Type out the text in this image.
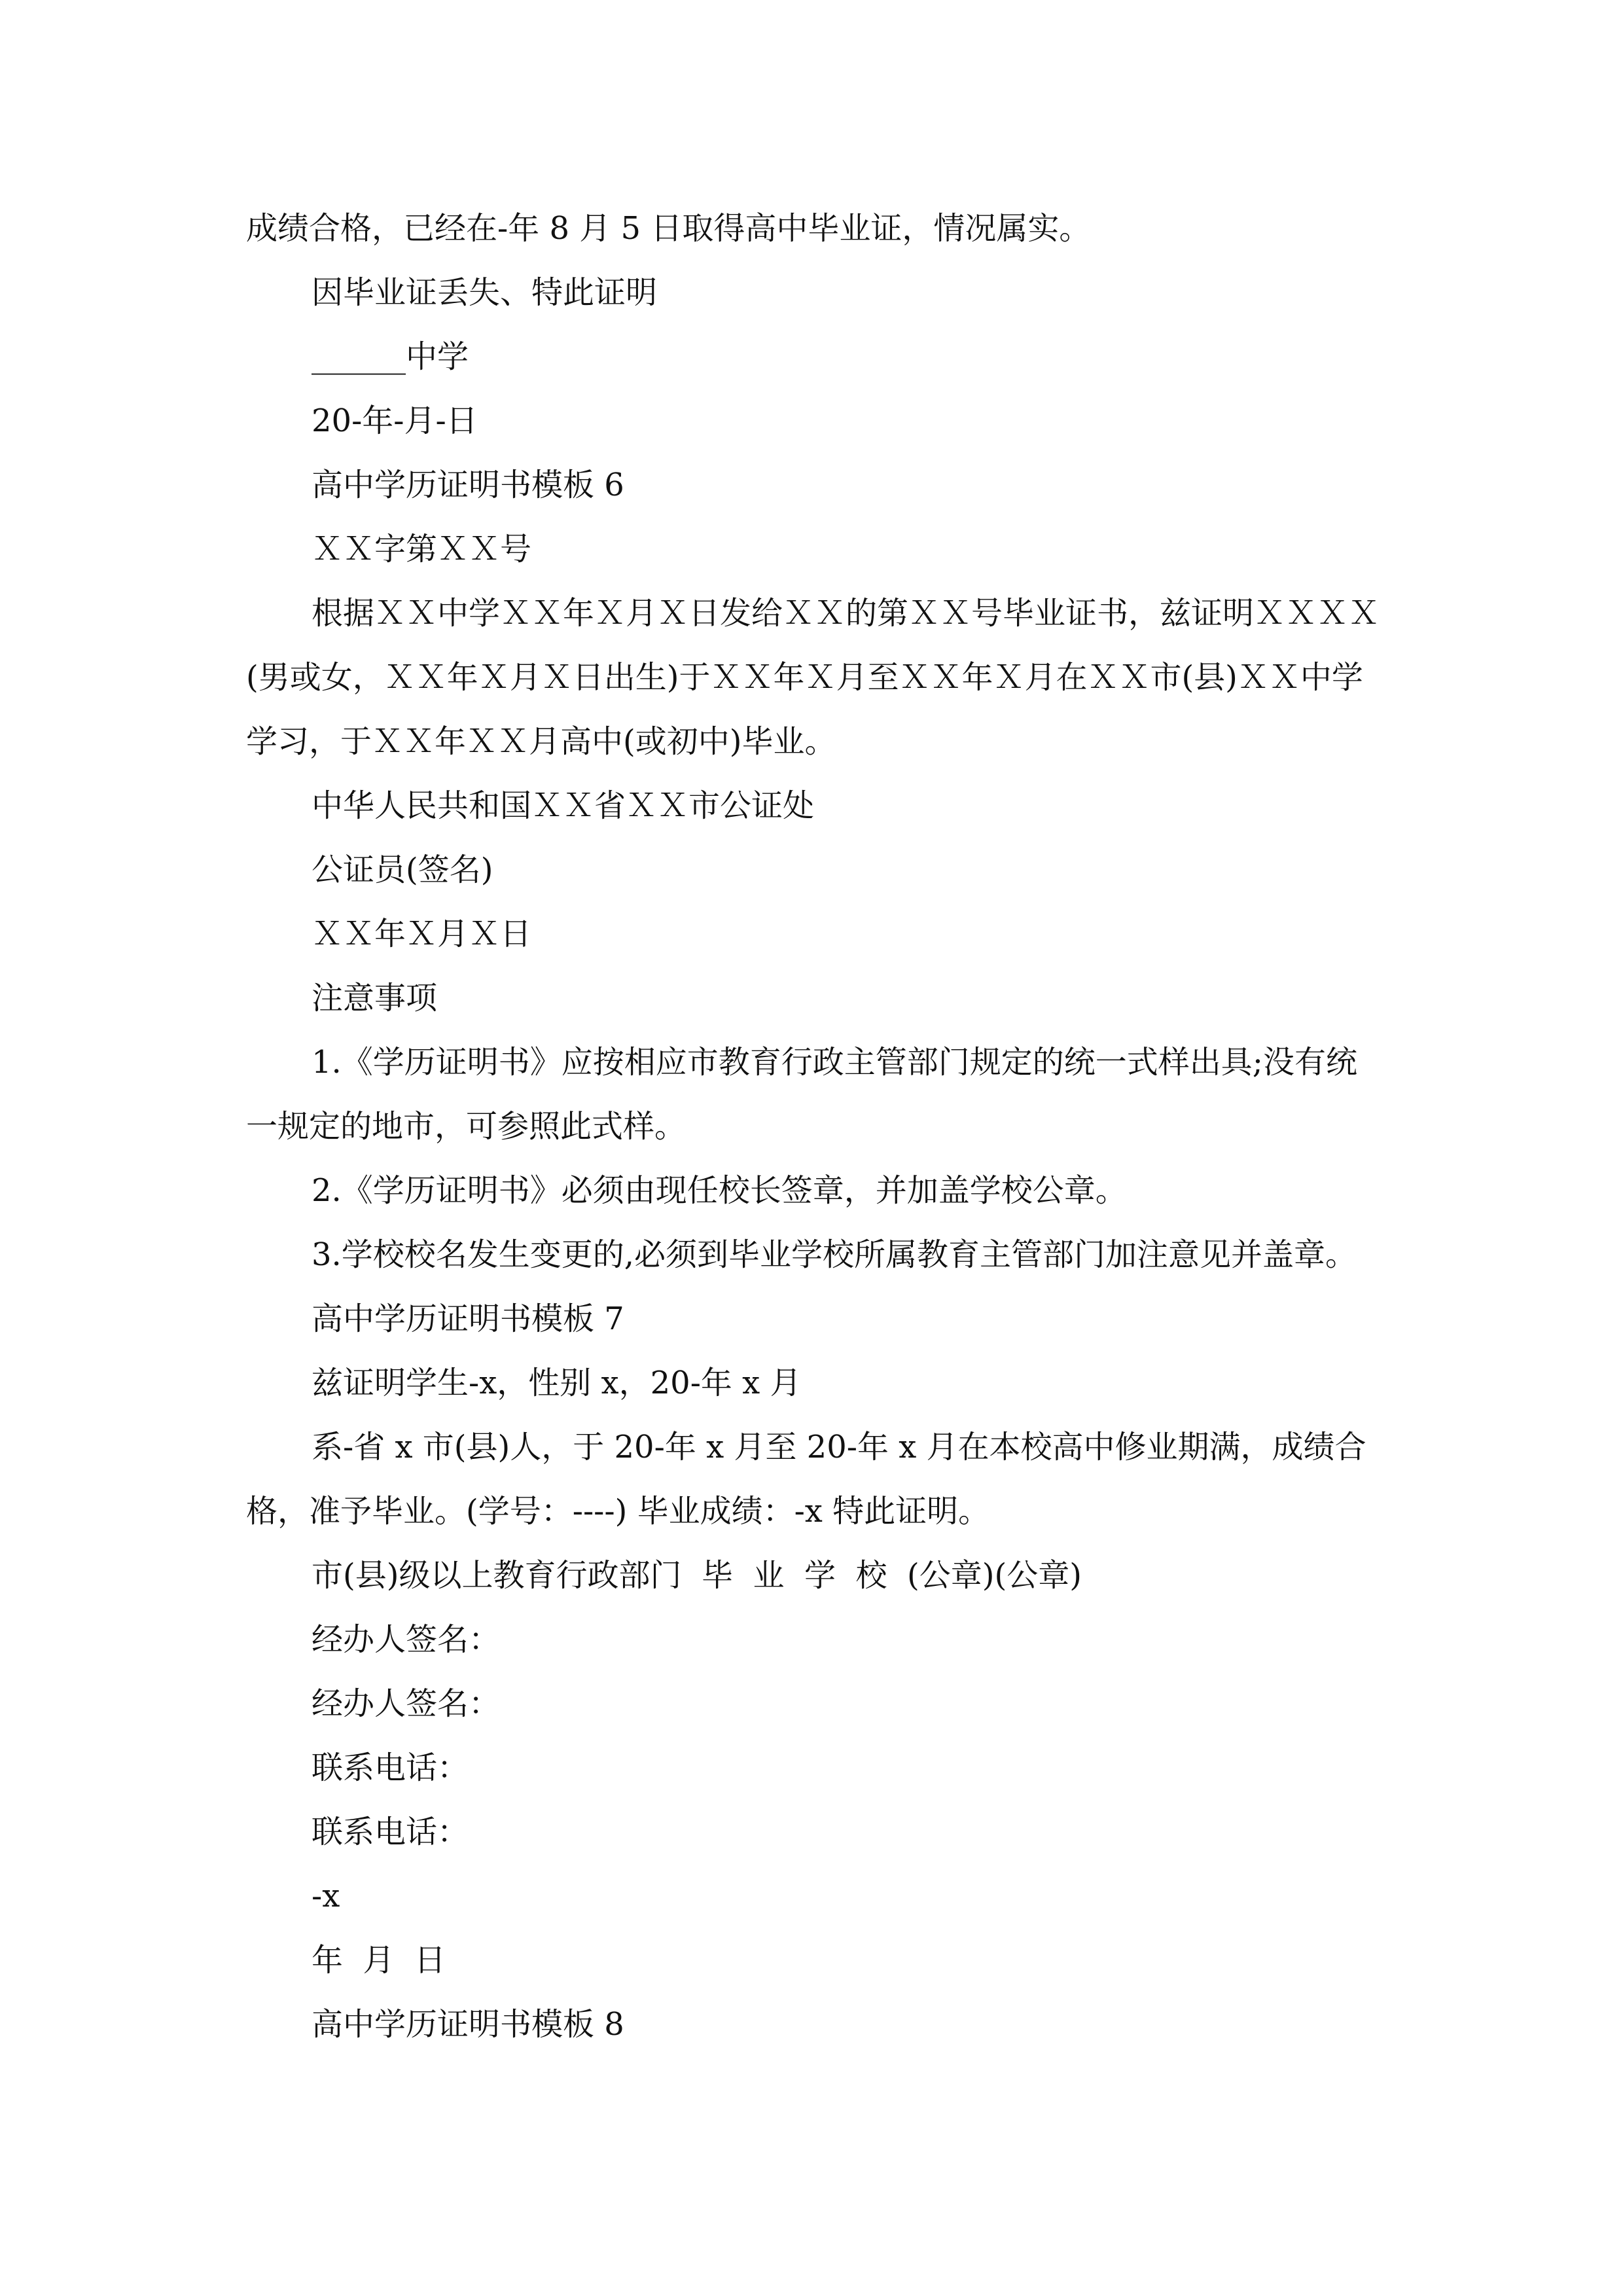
成绩合格，已经在-年 8 月 5 日取得高中毕业证，情况属实。

因毕业证丢失、特此证明

______中学

20-年-月-日

高中学历证明书模板 6

ＸＸ字第ＸＸ号

根据ＸＸ中学ＸＸ年Ｘ月Ｘ日发给ＸＸ的第ＸＸ号毕业证书，兹证明ＸＸＸＸ(男或女，ＸＸ年Ｘ月Ｘ日出生)于ＸＸ年Ｘ月至ＸＸ年Ｘ月在ＸＸ市(县)ＸＸ中学学习，于ＸＸ年ＸＸ月高中(或初中)毕业。

中华人民共和国ＸＸ省ＸＸ市公证处

公证员(签名)

ＸＸ年Ｘ月Ｘ日

注意事项

1.《学历证明书》应按相应市教育行政主管部门规定的统一式样出具;没有统一规定的地市，可参照此式样。

2.《学历证明书》必须由现任校长签章，并加盖学校公章。

3.学校校名发生变更的,必须到毕业学校所属教育主管部门加注意见并盖章。

高中学历证明书模板 7

兹证明学生-x，性别 x，20-年 x 月

系-省 x 市(县)人，于 20-年 x 月至 20-年 x 月在本校高中修业期满，成绩合格，准予毕业。(学号：----) 毕业成绩：-x 特此证明。

市(县)级以上教育行政部门  毕  业  学  校  (公章)(公章)

经办人签名：

经办人签名：

联系电话：

联系电话：

-x

年  月  日

高中学历证明书模板 8
